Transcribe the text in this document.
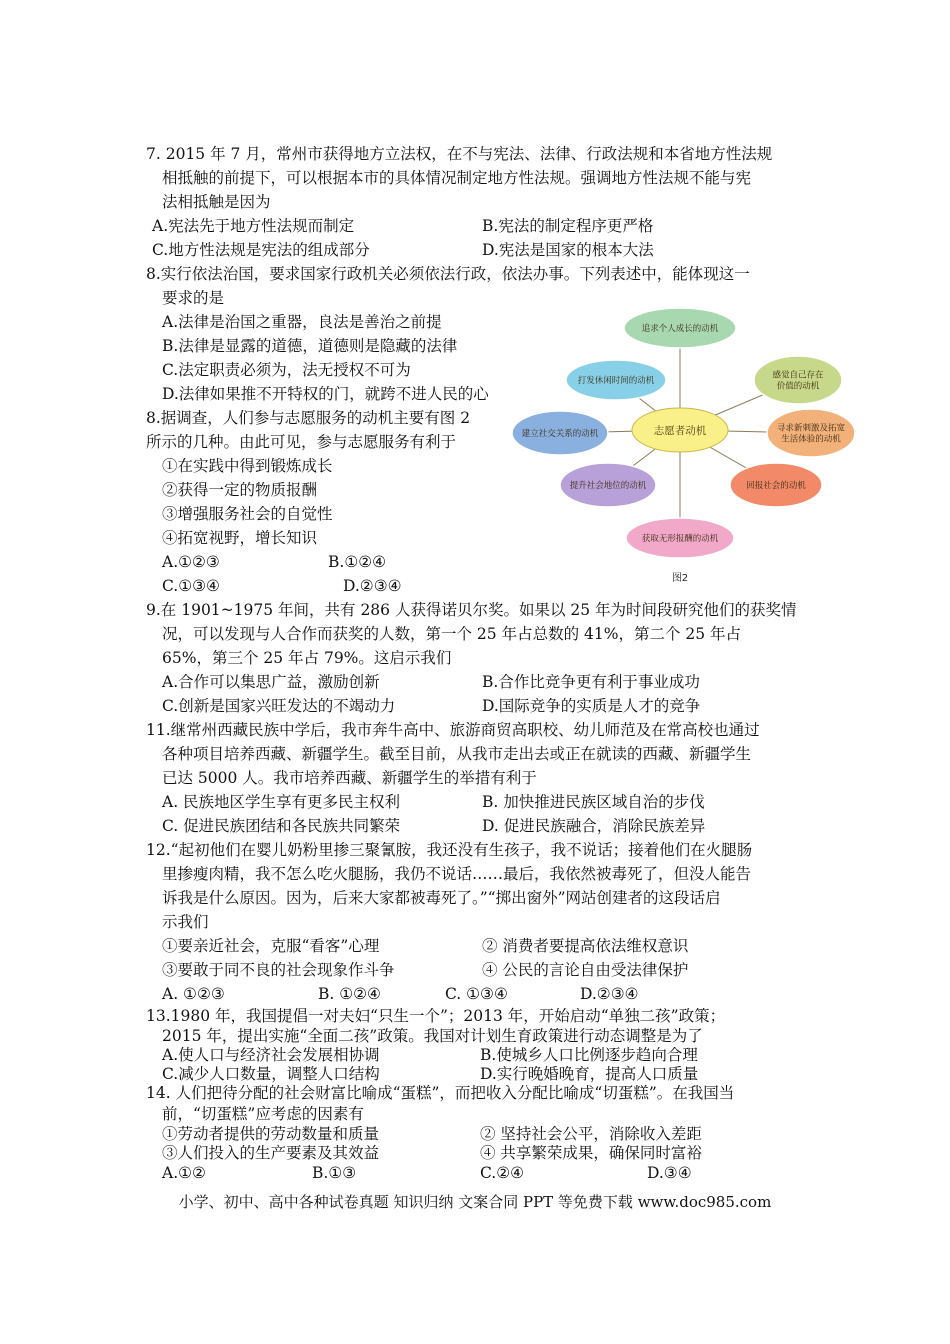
7. 2015 年 7 月，常州市获得地方立法权，在不与宪法、法律、行政法规和本省地方性法规
相抵触的前提下，可以根据本市的具体情况制定地方性法规。强调地方性法规不能与宪
法相抵触是因为
A.宪法先于地方性法规而制定	B.宪法的制定程序更严格
C.地方性法规是宪法的组成部分	D.宪法是国家的根本大法
8.实行依法治国，要求国家行政机关必须依法行政，依法办事。下列表述中，能体现这一
要求的是
A.法律是治国之重器，良法是善治之前提
B.法律是显露的道德，道德则是隐藏的法律
C.法定职责必须为，法无授权不可为
D.法律如果推不开特权的门，就跨不进人民的心
8.据调查，人们参与志愿服务的动机主要有图 2
所示的几种。由此可见，参与志愿服务有利于
①在实践中得到锻炼成长
②获得一定的物质报酬
③增强服务社会的自觉性
④拓宽视野，增长知识
A.①②③	B.①②④
C.①③④	D.②③④
追求个人成长的动机
感觉自己存在价值的动机
寻求新刺激及拓宽生活体验的动机
回报社会的动机
获取无形报酬的动机
提升社会地位的动机
建立社交关系的动机
打发休闲时间的动机
志愿者动机
图2
9.在 1901~1975 年间，共有 286 人获得诺贝尔奖。如果以 25 年为时间段研究他们的获奖情
况，可以发现与人合作而获奖的人数，第一个 25 年占总数的 41%，第二个 25 年占
65%，第三个 25 年占 79%。这启示我们
A.合作可以集思广益，激励创新	B.合作比竞争更有利于事业成功
C.创新是国家兴旺发达的不竭动力	D.国际竞争的实质是人才的竞争
11.继常州西藏民族中学后，我市奔牛高中、旅游商贸高职校、幼儿师范及在常高校也通过
各种项目培养西藏、新疆学生。截至目前，从我市走出去或正在就读的西藏、新疆学生
已达 5000 人。我市培养西藏、新疆学生的举措有利于
A. 民族地区学生享有更多民主权利	B. 加快推进民族区域自治的步伐
C. 促进民族团结和各民族共同繁荣	D. 促进民族融合，消除民族差异
12.“起初他们在婴儿奶粉里掺三聚氰胺，我还没有生孩子，我不说话；接着他们在火腿肠
里掺瘦肉精，我不怎么吃火腿肠，我仍不说话……最后，我依然被毒死了，但没人能告
诉我是什么原因。因为，后来大家都被毒死了。”“掷出窗外”网站创建者的这段话启
示我们
①要亲近社会，克服“看客”心理	② 消费者要提高依法维权意识
③要敢于同不良的社会现象作斗争	④ 公民的言论自由受法律保护
A. ①②③	B. ①②④	C. ①③④	D.②③④
13.1980 年，我国提倡一对夫妇“只生一个”；2013 年，开始启动“单独二孩”政策；
2015 年，提出实施“全面二孩”政策。我国对计划生育政策进行动态调整是为了
A.使人口与经济社会发展相协调	B.使城乡人口比例逐步趋向合理
C.减少人口数量，调整人口结构	D.实行晚婚晚育，提高人口质量
14. 人们把待分配的社会财富比喻成“蛋糕”，而把收入分配比喻成“切蛋糕”。在我国当
前，“切蛋糕”应考虑的因素有
①劳动者提供的劳动数量和质量	② 坚持社会公平，消除收入差距
③人们投入的生产要素及其效益	④ 共享繁荣成果，确保同时富裕
A.①②	B.①③	C.②④	D.③④
小学、初中、高中各种试卷真题 知识归纳 文案合同 PPT 等免费下载 www.doc985.com
